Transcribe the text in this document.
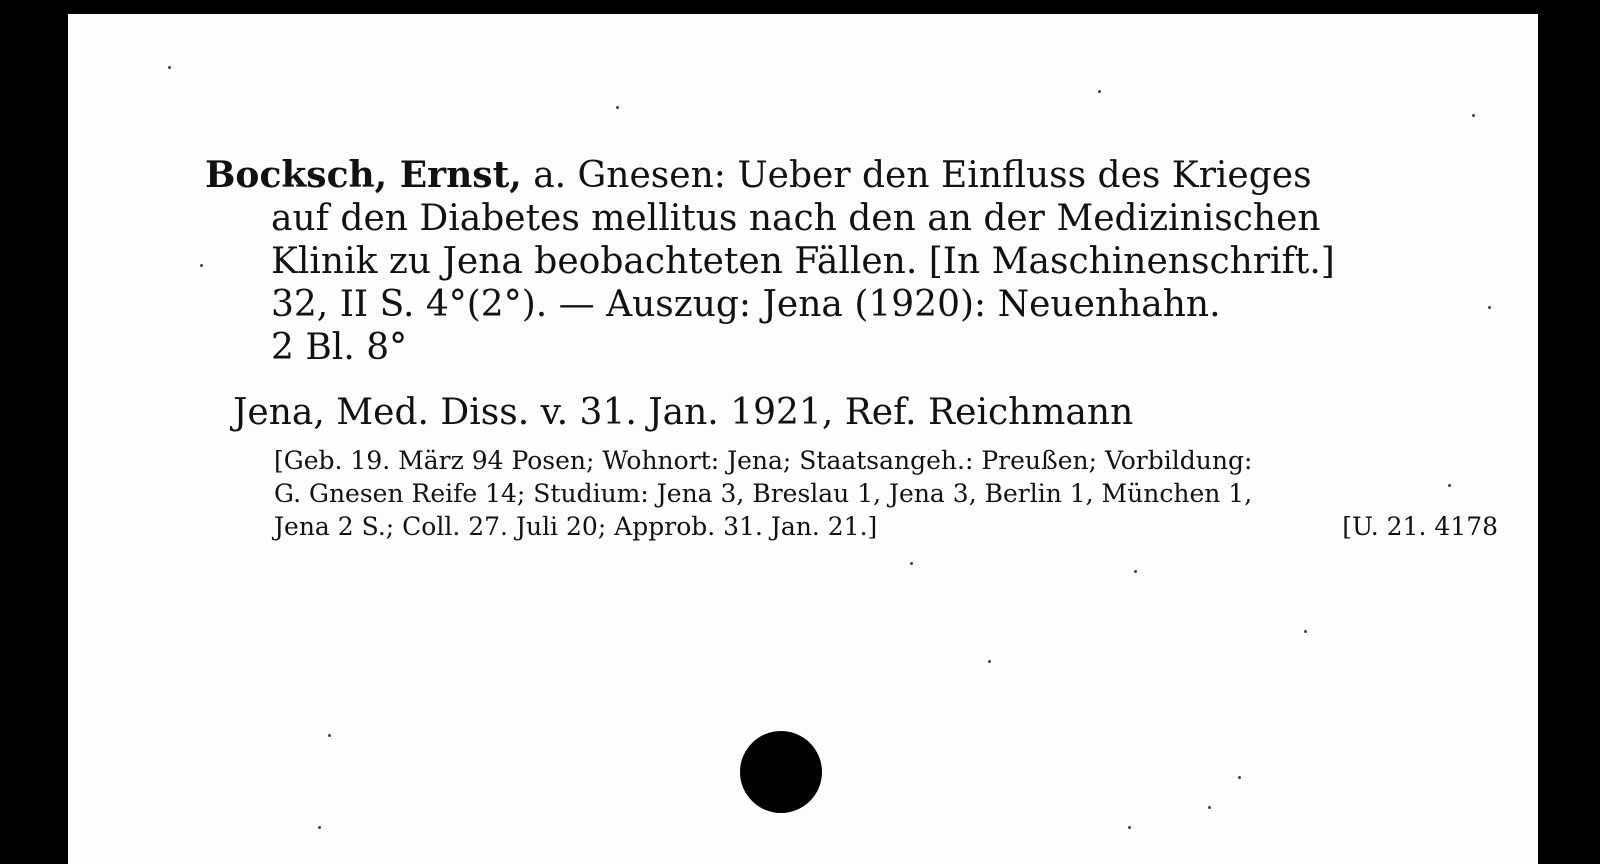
Bocksch, Ernst, a. Gnesen: Ueber den Einfluss des Krieges
auf den Diabetes mellitus nach den an der Medizinischen
Klinik zu Jena beobachteten Fällen. [In Maschinenschrift.]
32, II S. 4°(2°). — Auszug: Jena (1920): Neuenhahn.
2 Bl. 8°
Jena, Med. Diss. v. 31. Jan. 1921, Ref. Reichmann
[Geb. 19. März 94 Posen; Wohnort: Jena; Staatsangeh.: Preußen; Vorbildung:
G. Gnesen Reife 14; Studium: Jena 3, Breslau 1, Jena 3, Berlin 1, München 1,
Jena 2 S.; Coll. 27. Juli 20; Approb. 31. Jan. 21.]	[U. 21. 4178
